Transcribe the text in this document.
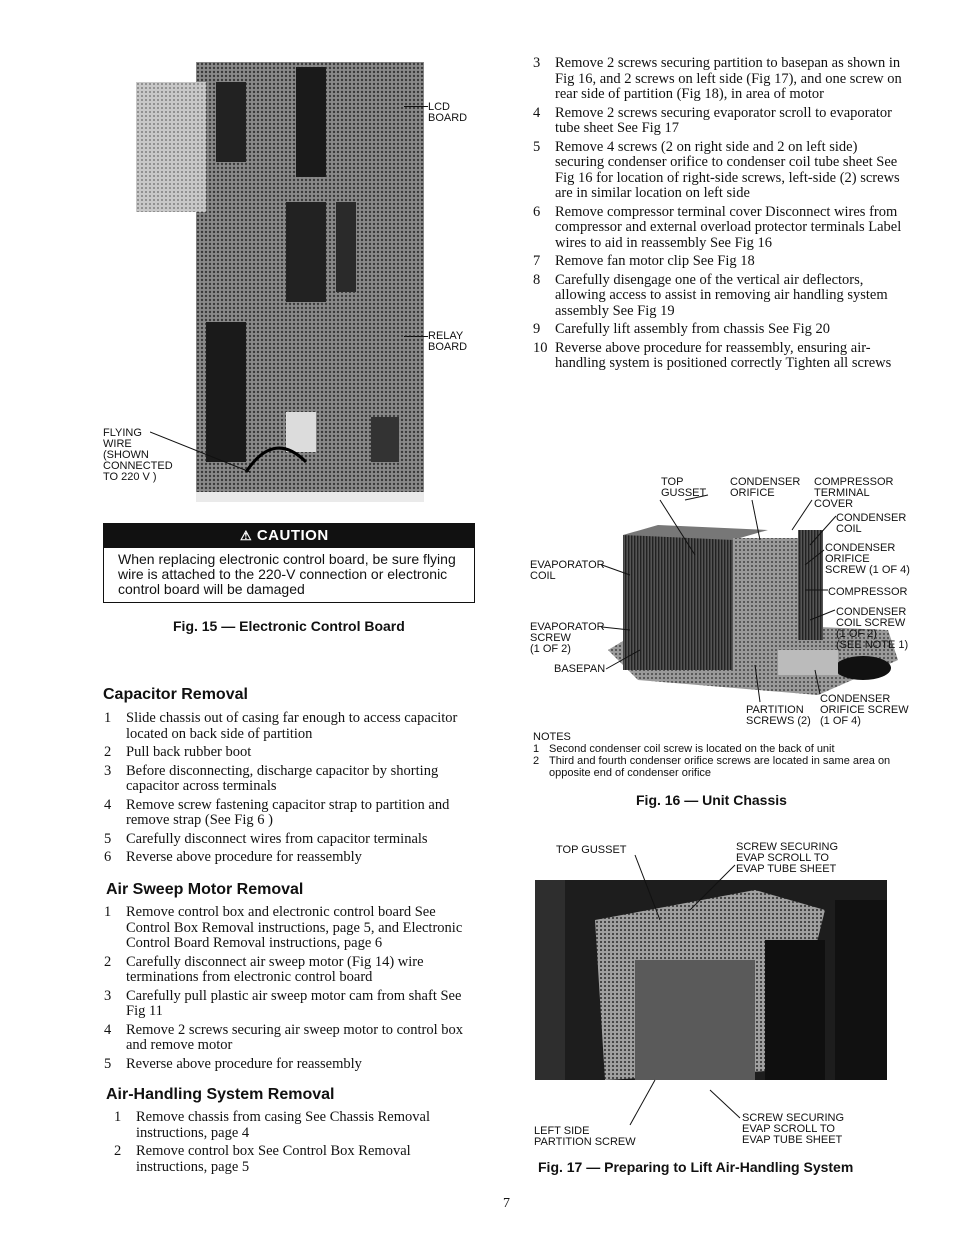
LCD
BOARD
RELAY
BOARD
FLYING
WIRE
(SHOWN
CONNECTED
TO 220 V )
⚠ CAUTION
When replacing electronic control board, be sure flying wire is attached to the 220-V connection or electronic control board will be damaged
Fig. 15 — Electronic Control Board
Capacitor Removal
1 Slide chassis out of casing far enough to access capacitor located on back side of partition
2 Pull back rubber boot
3 Before disconnecting, discharge capacitor by shorting capacitor across terminals
4 Remove screw fastening capacitor strap to partition and remove strap (See Fig 6 )
5 Carefully disconnect wires from capacitor terminals
6 Reverse above procedure for reassembly
Air Sweep Motor Removal
1 Remove control box and electronic control board See Control Box Removal instructions, page 5, and Electronic Control Board Removal instructions, page 6
2 Carefully disconnect air sweep motor (Fig 14) wire terminations from electronic control board
3 Carefully pull plastic air sweep motor cam from shaft See Fig 11
4 Remove 2 screws securing air sweep motor to control box and remove motor
5 Reverse above procedure for reassembly
Air-Handling System Removal
1 Remove chassis from casing See Chassis Removal instructions, page 4
2 Remove control box See Control Box Removal instructions, page 5
3 Remove 2 screws securing partition to basepan as shown in Fig 16, and 2 screws on left side (Fig 17), and one screw on rear side of partition (Fig 18), in area of motor
4 Remove 2 screws securing evaporator scroll to evaporator tube sheet See Fig 17
5 Remove 4 screws (2 on right side and 2 on left side) securing condenser orifice to condenser coil tube sheet See Fig 16 for location of right-side screws, left-side (2) screws are in similar location on left side
6 Remove compressor terminal cover Disconnect wires from compressor and external overload protector terminals Label wires to aid in reassembly See Fig 16
7 Remove fan motor clip See Fig 18
8 Carefully disengage one of the vertical air deflectors, allowing access to assist in removing air handling system assembly See Fig 19
9 Carefully lift assembly from chassis See Fig 20
10 Reverse above procedure for reassembly, ensuring air-handling system is positioned correctly Tighten all screws
TOP
GUSSET
CONDENSER
ORIFICE
COMPRESSOR
TERMINAL
COVER
CONDENSER
COIL
CONDENSER
ORIFICE
SCREW (1 OF 4)
COMPRESSOR
CONDENSER
COIL SCREW
(1 OF 2)
(SEE NOTE 1)
EVAPORATOR
COIL
EVAPORATOR
SCREW
(1 OF 2)
BASEPAN
PARTITION
SCREWS (2)
CONDENSER
ORIFICE SCREW
(1 OF 4)
NOTES
1 Second condenser coil screw is located on the back of unit
2 Third and fourth condenser orifice screws are located in same area on opposite end of condenser orifice
Fig. 16 — Unit Chassis
TOP GUSSET	SCREW SECURING
EVAP SCROLL TO
EVAP TUBE SHEET
LEFT SIDE
PARTITION SCREW
SCREW SECURING
EVAP SCROLL TO
EVAP TUBE SHEET
Fig. 17 — Preparing to Lift Air-Handling System
7
